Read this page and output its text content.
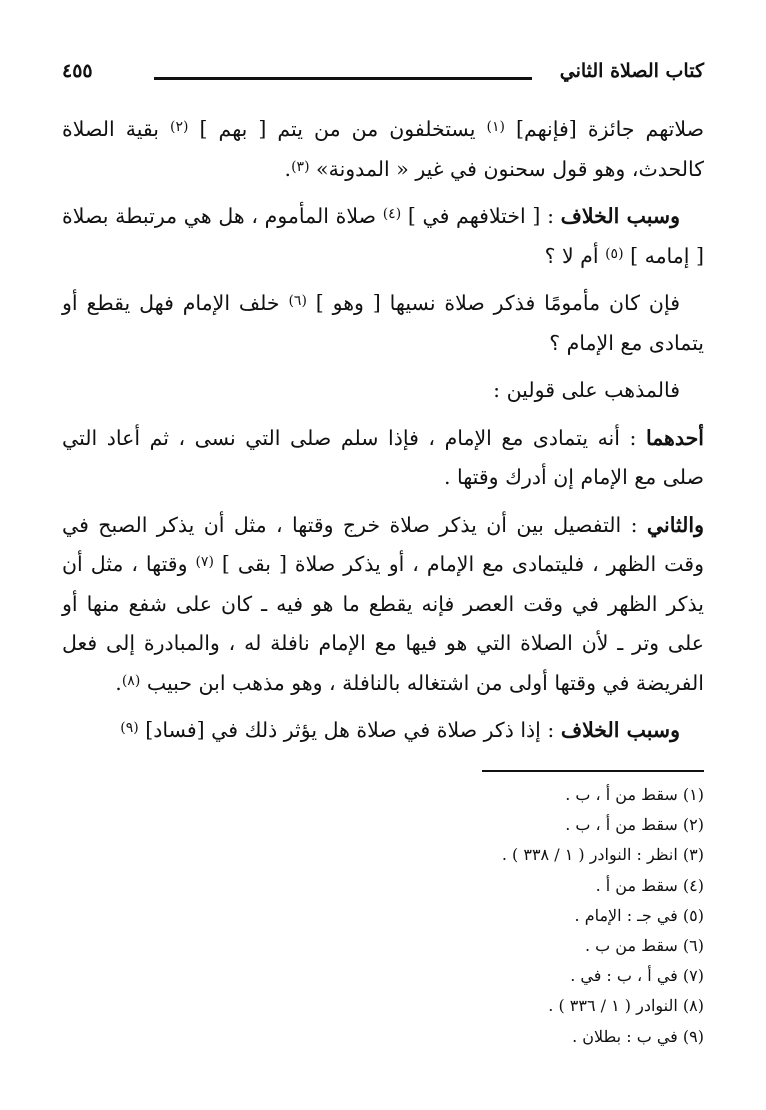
كتاب الصلاة الثاني
٤٥٥

صلاتهم جائزة [فإنهم] $^{(١)}$ يستخلفون من من يتم [ بهم ] $^{(٢)}$ بقية الصلاة كالحدث، وهو قول سحنون في غير « المدونة» $^{(٣)}$.

وسبب الخلاف : [ اختلافهم في ] $^{(٤)}$ صلاة المأموم ، هل هي مرتبطة بصلاة [ إمامه ] $^{(٥)}$ أم لا ؟

فإن كان مأمومًا فذكر صلاة نسيها [ وهو ] $^{(٦)}$ خلف الإمام فهل يقطع أو يتمادى مع الإمام ؟

فالمذهب على قولين :

أحدهما : أنه يتمادى مع الإمام ، فإذا سلم صلى التي نسى ، ثم أعاد التي صلى مع الإمام إن أدرك وقتها .

والثاني : التفصيل بين أن يذكر صلاة خرج وقتها ، مثل أن يذكر الصبح في وقت الظهر ، فليتمادى مع الإمام ، أو يذكر صلاة [ بقى ] $^{(٧)}$ وقتها ، مثل أن يذكر الظهر في وقت العصر فإنه يقطع ما هو فيه ـ كان على شفع منها أو على وتر ـ لأن الصلاة التي هو فيها مع الإمام نافلة له ، والمبادرة إلى فعل الفريضة في وقتها أولى من اشتغاله بالنافلة ، وهو مذهب ابن حبيب $^{(٨)}$.

وسبب الخلاف : إذا ذكر صلاة في صلاة هل يؤثر ذلك في [فساد] $^{(٩)}$

(١) سقط من أ ، ب .
(٢) سقط من أ ، ب .
(٣) انظر : النوادر ( ١ / ٣٣٨ ) .
(٤) سقط من أ .
(٥) في جـ : الإمام .
(٦) سقط من ب .
(٧) في أ ، ب : في .
(٨) النوادر ( ١ / ٣٣٦ ) .
(٩) في ب : بطلان .
